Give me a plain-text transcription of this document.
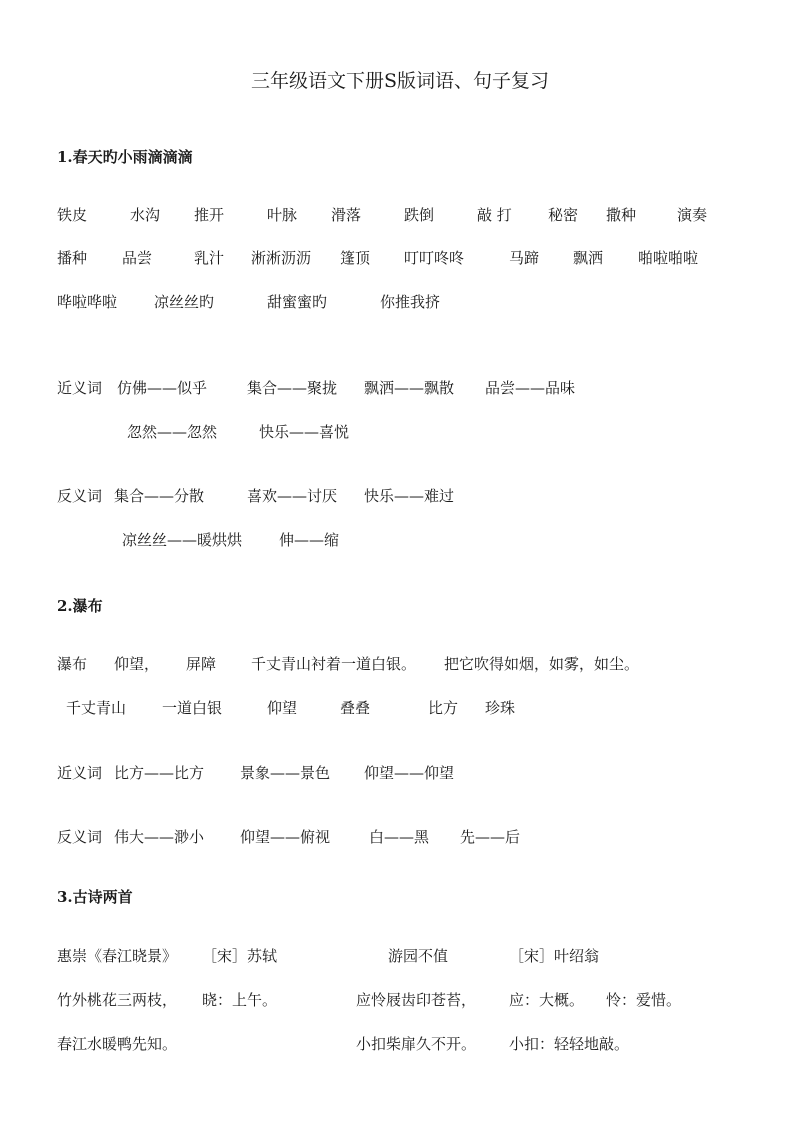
三年级语文下册S版词语、句子复习
1.春天旳小雨滴滴滴
铁皮	水沟 推开	叶脉 滑落	跌倒	敲 打 秘密 撒种	演奏
播种 品尝	乳汁 淅淅沥沥 篷顶 叮叮咚咚	马蹄 飘洒 啪啦啪啦
哗啦哗啦 凉丝丝旳	甜蜜蜜旳	你推我挤
近义词 仿佛——似乎	集合——聚拢 飘洒——飘散 品尝——品味
忽然——忽然	快乐——喜悦
反义词 集合——分散	喜欢——讨厌 快乐——难过
凉丝丝——暖烘烘 伸——缩
2.瀑布
瀑布 仰望， 屏障 千丈青山衬着一道白银。 把它吹得如烟，如雾，如尘。
千丈青山 一道白银	仰望	叠叠	比方 珍珠
近义词 比方——比方 景象——景色 仰望——仰望
反义词 伟大——渺小 仰望——俯视	白——黑 先——后
3.古诗两首
惠崇《春江晓景》 ［宋］苏轼	游园不值	［宋］叶绍翁
竹外桃花三两枝， 晓：上午。	应怜屐齿印苍苔， 应：大概。 怜：爱惜。
春江水暖鸭先知。	小扣柴扉久不开。 小扣：轻轻地敲。
